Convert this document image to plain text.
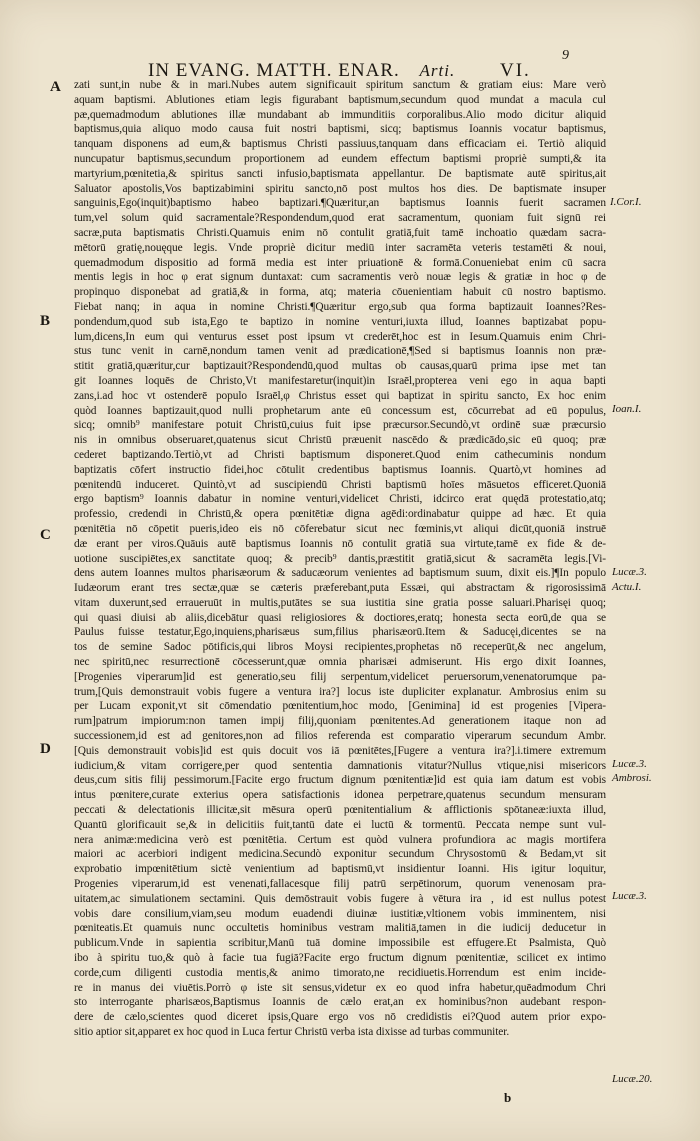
IN EVANG. MATTH. ENAR. Arti. VI.
9
A
B
C
D
I.Cor.I.
Ioan.I.
Lucæ.3.
Actu.I.
Lucæ.3.
Ambrosi.
Lucæ.3.
Lucæ.20.
zati sunt,in nube & in mari.Nubes autem significauit spiritum sanctum & gratiam eius: Mare verò
aquam baptismi. Ablutiones etiam legis figurabant baptismum,secundum quod mundat a macula cul
pæ,quemadmodum ablutiones illæ mundabant ab immunditiis corporalibus.Alio modo dicitur aliquid
baptismus,quia aliquo modo causa fuit nostri baptismi, sicq; baptismus Ioannis vocatur baptismus,
tanquam disponens ad eum,& baptismus Christi passiuus,tanquam dans efficaciam ei. Tertiò aliquid
nuncupatur baptismus,secundum proportionem ad eundem effectum baptismi propriè sumpti,& ita
martyrium,pœnitetia,& spiritus sancti infusio,baptismata appellantur. De baptismate autē spiritus,ait
Saluator apostolis,Vos baptizabimini spiritu sancto,nō post multos hos dies. De baptismate insuper
sanguinis,Ego(inquit)baptismo habeo baptizari.¶Quæritur,an baptismus Ioannis fuerit sacramen
tum,vel solum quid sacramentale?Respondendum,quod erat sacramentum, quoniam fuit signū rei
sacræ,puta baptismatis Christi.Quamuis enim nō contulit gratiā,fuit tamē inchoatio quædam sacra-
mētorū gratię,nouęque legis. Vnde propriè dicitur mediū inter sacramēta veteris testamēti & noui,
quemadmodum dispositio ad formā media est inter priuationē & formā.Conueniebat enim cū sacra
mentis legis in hoc φ erat signum duntaxat: cum sacramentis verò nouæ legis & gratiæ in hoc φ de
propinquo disponebat ad gratiā,& in forma, atq; materia cōuenientiam habuit cū nostro baptismo.
Fiebat nanq; in aqua in nomine Christi.¶Quæritur ergo,sub qua forma baptizauit Ioannes?Res-
pondendum,quod sub ista,Ego te baptizo in nomine venturi,iuxta illud, Ioannes baptizabat popu-
lum,dicens,In eum qui venturus esset post ipsum vt crederēt,hoc est in Iesum.Quamuis enim Chri-
stus tunc venit in carnē,nondum tamen venit ad prædicationē,¶Sed si baptismus Ioannis non præ-
stitit gratiā,quæritur,cur baptizauit?Respondendū,quod multas ob causas,quarū prima ipse met tan
git Ioannes loquēs de Christo,Vt manifestaretur(inquit)in Israēl,propterea veni ego in aqua bapti
zans,i.ad hoc vt ostenderē populo Israēl,φ Christus esset qui baptizat in spiritu sancto, Ex hoc enim
quòd Ioannes baptizauit,quod nulli prophetarum ante eū concessum est, cōcurrebat ad eū populus,
sicq; omnib⁹ manifestare potuit Christū,cuius fuit ipse præcursor.Secundò,vt ordinē suæ præcursio
nis in omnibus obseruaret,quatenus sicut Christū præuenit nascēdo & prædicādo,sic eū quoq; præ
cederet baptizando.Tertiò,vt ad Christi baptismum disponeret.Quod enim cathecuminis nondum
baptizatis cōfert instructio fidei,hoc cōtulit credentibus baptismus Ioannis. Quartò,vt homines ad
pœnitendū induceret. Quintò,vt ad suscipiendū Christi baptismū hoīes māsuetos efficeret.Quoniā
ergo baptism⁹ Ioannis dabatur in nomine venturi,videlicet Christi, idcirco erat quędā protestatio,atq;
professio, credendi in Christū,& opera pœnitētiæ digna agēdi:ordinabatur quippe ad hæc. Et quia
pœnitētia nō cōpetit pueris,ideo eis nō cōferebatur sicut nec fœminis,vt aliqui dicūt,quoniā instruē
dæ erant per viros.Quāuis autē baptismus Ioannis nō contulit gratiā sua virtute,tamē ex fide & de-
uotione suscipiētes,ex sanctitate quoq; & precib⁹ dantis,præstitit gratiā,sicut & sacramēta legis.[Vi-
dens autem Ioannes multos pharisæorum & saducæorum venientes ad baptismum suum, dixit eis.]¶In populo
Iudæorum erant tres sectæ,quæ se cæteris præferebant,puta Essæi, qui abstractam & rigorosissimā
vitam duxerunt,sed erraueruūt in multis,putātes se sua iustitia sine gratia posse saluari.Pharisęi quoq;
qui quasi diuisi ab aliis,dicebātur quasi religiosiores & doctiores,eratq; honesta secta eorū,de qua se
Paulus fuisse testatur,Ego,inquiens,pharisæus sum,filius pharisæorū.Item & Saducęi,dicentes se na
tos de semine Sadoc pōtificis,qui libros Moysi recipientes,prophetas nō receperūt,& nec angelum,
nec spiritū,nec resurrectionē cōcesserunt,quæ omnia pharisæi admiserunt. His ergo dixit Ioannes,
[Progenies viperarum]id est generatio,seu filij serpentum,videlicet peruersorum,venenatorumque pa-
trum,[Quis demonstrauit vobis fugere a ventura ira?] locus iste dupliciter explanatur. Ambrosius enim su
per Lucam exponit,vt sit cōmendatio pœnitentium,hoc modo, [Genimina] id est progenies [Vipera-
rum]patrum impiorum:non tamen impij filij,quoniam pœnitentes.Ad generationem itaque non ad
successionem,id est ad genitores,non ad filios referenda est comparatio viperarum secundum Ambr.
[Quis demonstrauit vobis]id est quis docuit vos iā pœnitētes,[Fugere a ventura ira?].i.timere extremum
iudicium,& vitam corrigere,per quod sententia damnationis vitatur?Nullus vtique,nisi misericors
deus,cum sitis filij pessimorum.[Facite ergo fructum dignum pœnitentiæ]id est quia iam datum est vobis
intus pœnitere,curate exterius opera satisfactionis idonea perpetrare,quatenus secundum mensuram
peccati & delectationis illicitæ,sit mēsura operū pœnitentialium & afflictionis spōtaneæ:iuxta illud,
Quantū glorificauit se,& in delicitiis fuit,tantū date ei luctū & tormentū. Peccata nempe sunt vul-
nera animæ:medicina verò est pœnitētia. Certum est quòd vulnera profundiora ac magis mortifera
maiori ac acerbiori indigent medicina.Secundò exponitur secundum Chrysostomū & Bedam,vt sit
exprobatio impœnitētium sictè venientium ad baptismū,vt insidientur Ioanni. His igitur loquitur,
Progenies viperarum,id est venenati,fallacesque filij patrū serpētinorum, quorum venenosam pra-
uitatem,ac simulationem sectamini. Quis demōstrauit vobis fugere à vētura ira , id est nullus potest
vobis dare consilium,viam,seu modum euadendi diuinæ iustitiæ,vltionem vobis imminentem, nisi
pœniteatis.Et quamuis nunc occultetis hominibus vestram malitiā,tamen in die iudicij deducetur in
publicum.Vnde in sapientia scribitur,Manū tuā domine impossibile est effugere.Et Psalmista, Quò
ibo à spiritu tuo,& quò à facie tua fugiā?Facite ergo fructum dignum pœnitentiæ, scilicet ex intimo
corde,cum diligenti custodia mentis,& animo timorato,ne recidiuetis.Horrendum est enim incide-
re in manus dei viuētis.Porrò φ iste sit sensus,videtur ex eo quod infra habetur,quēadmodum Chri
sto interrogante pharisæos,Baptismus Ioannis de cælo erat,an ex hominibus?non audebant respon-
dere de cælo,scientes quod diceret ipsis,Quare ergo vos nō credidistis ei?Quod autem prior expo-
sitio aptior sit,apparet ex hoc quod in Luca fertur Christū verba ista dixisse ad turbas communiter.
b
